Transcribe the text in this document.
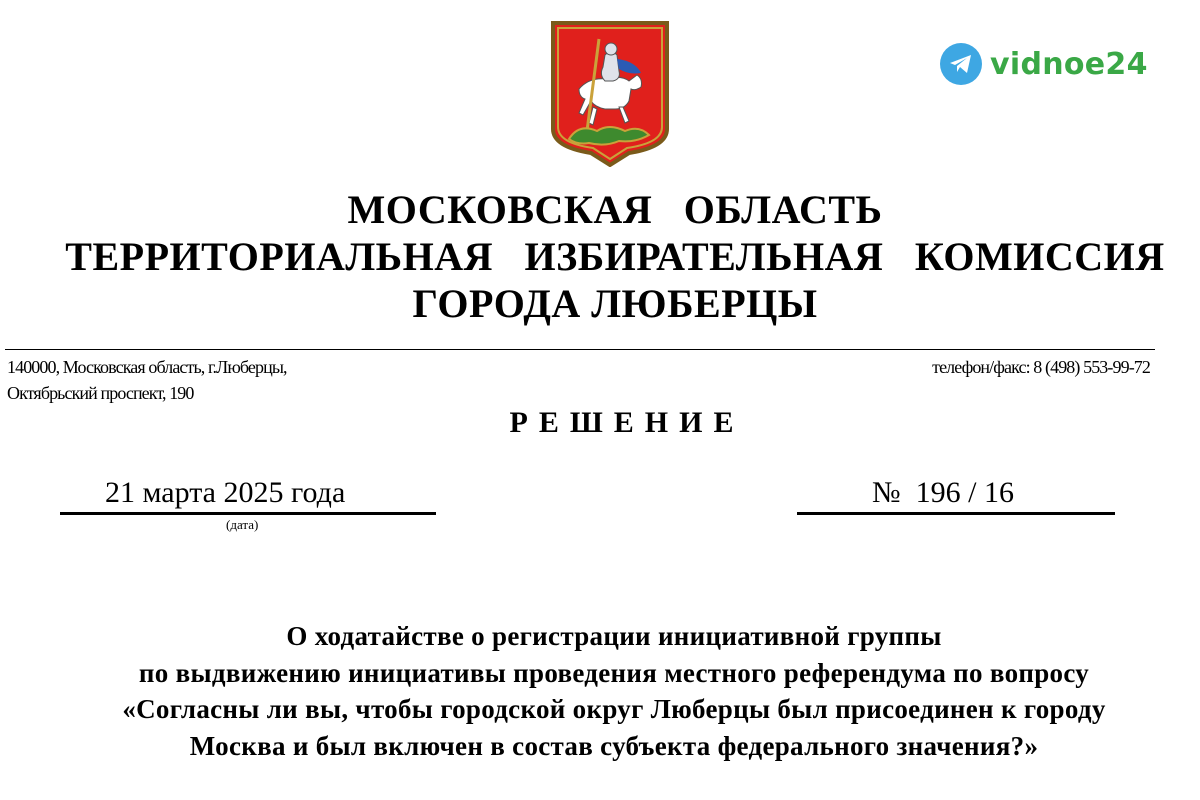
vidnoe24
МОСКОВСКАЯ   ОБЛАСТЬ
ТЕРРИТОРИАЛЬНАЯ   ИЗБИРАТЕЛЬНАЯ   КОМИССИЯ
ГОРОДА ЛЮБЕРЦЫ
140000, Московская область, г.Люберцы,
Октябрьский проспект, 190
телефон/факс: 8 (498) 553-99-72
РЕШЕНИЕ
21 марта 2025 года
(дата)
№  196 / 16
О ходатайстве о регистрации инициативной группы
по выдвижению инициативы проведения местного референдума по вопросу
«Согласны ли вы, чтобы городской округ Люберцы был присоединен к городу
Москва и был включен в состав субъекта федерального значения?»
